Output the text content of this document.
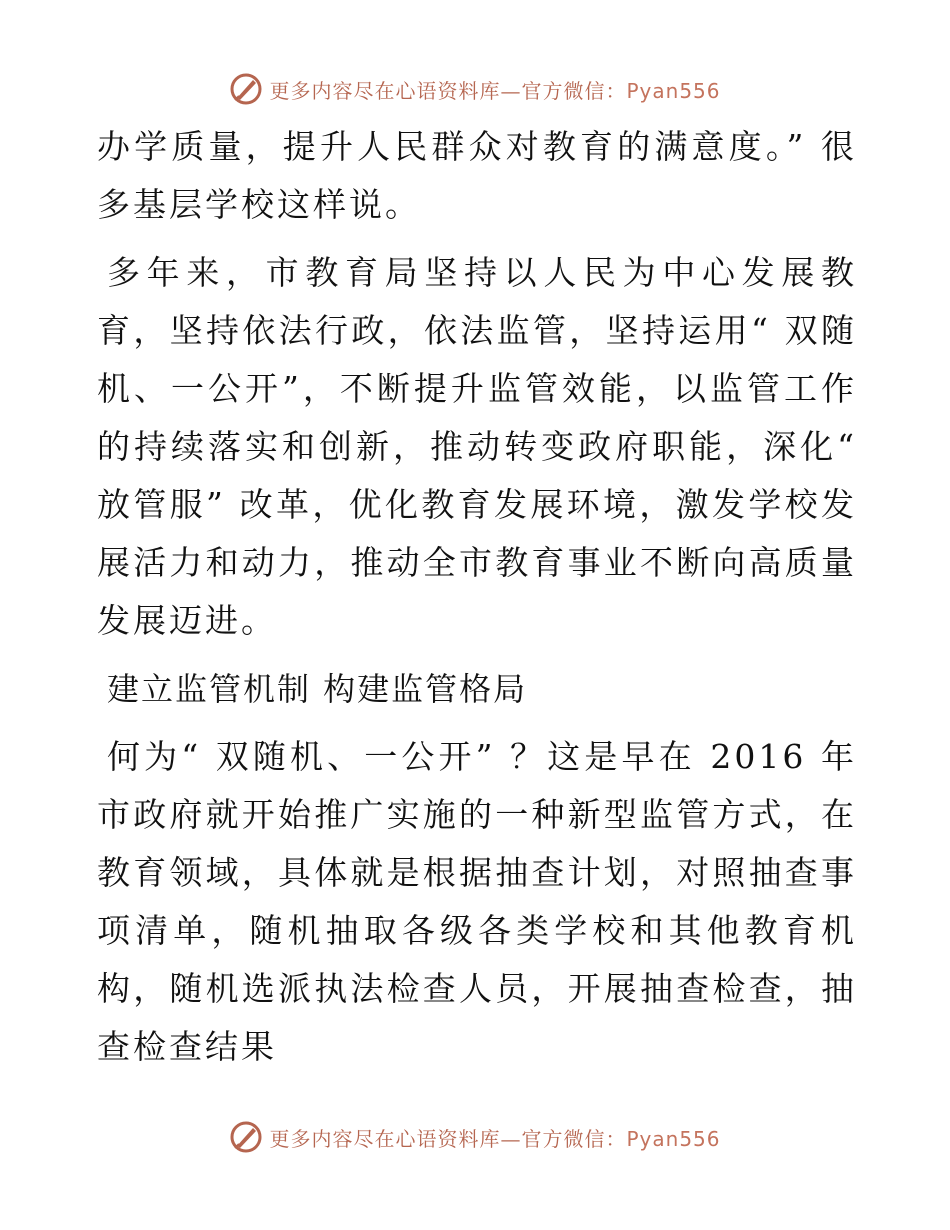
更多内容尽在心语资料库—官方微信：Pyan556

办学质量，提升人民群众对教育的满意度。” 很多基层学校这样说。

多年来，市教育局坚持以人民为中心发展教育，坚持依法行政，依法监管，坚持运用“ 双随机、一公开”，不断提升监管效能，以监管工作的持续落实和创新，推动转变政府职能，深化“ 放管服” 改革，优化教育发展环境，激发学校发展活力和动力，推动全市教育事业不断向高质量发展迈进。

建立监管机制 构建监管格局

何为“ 双随机、一公开” ？这是早在 2016 年市政府就开始推广实施的一种新型监管方式，在教育领域，具体就是根据抽查计划，对照抽查事项清单，随机抽取各级各类学校和其他教育机构，随机选派执法检查人员，开展抽查检查，抽查检查结果

更多内容尽在心语资料库—官方微信：Pyan556
